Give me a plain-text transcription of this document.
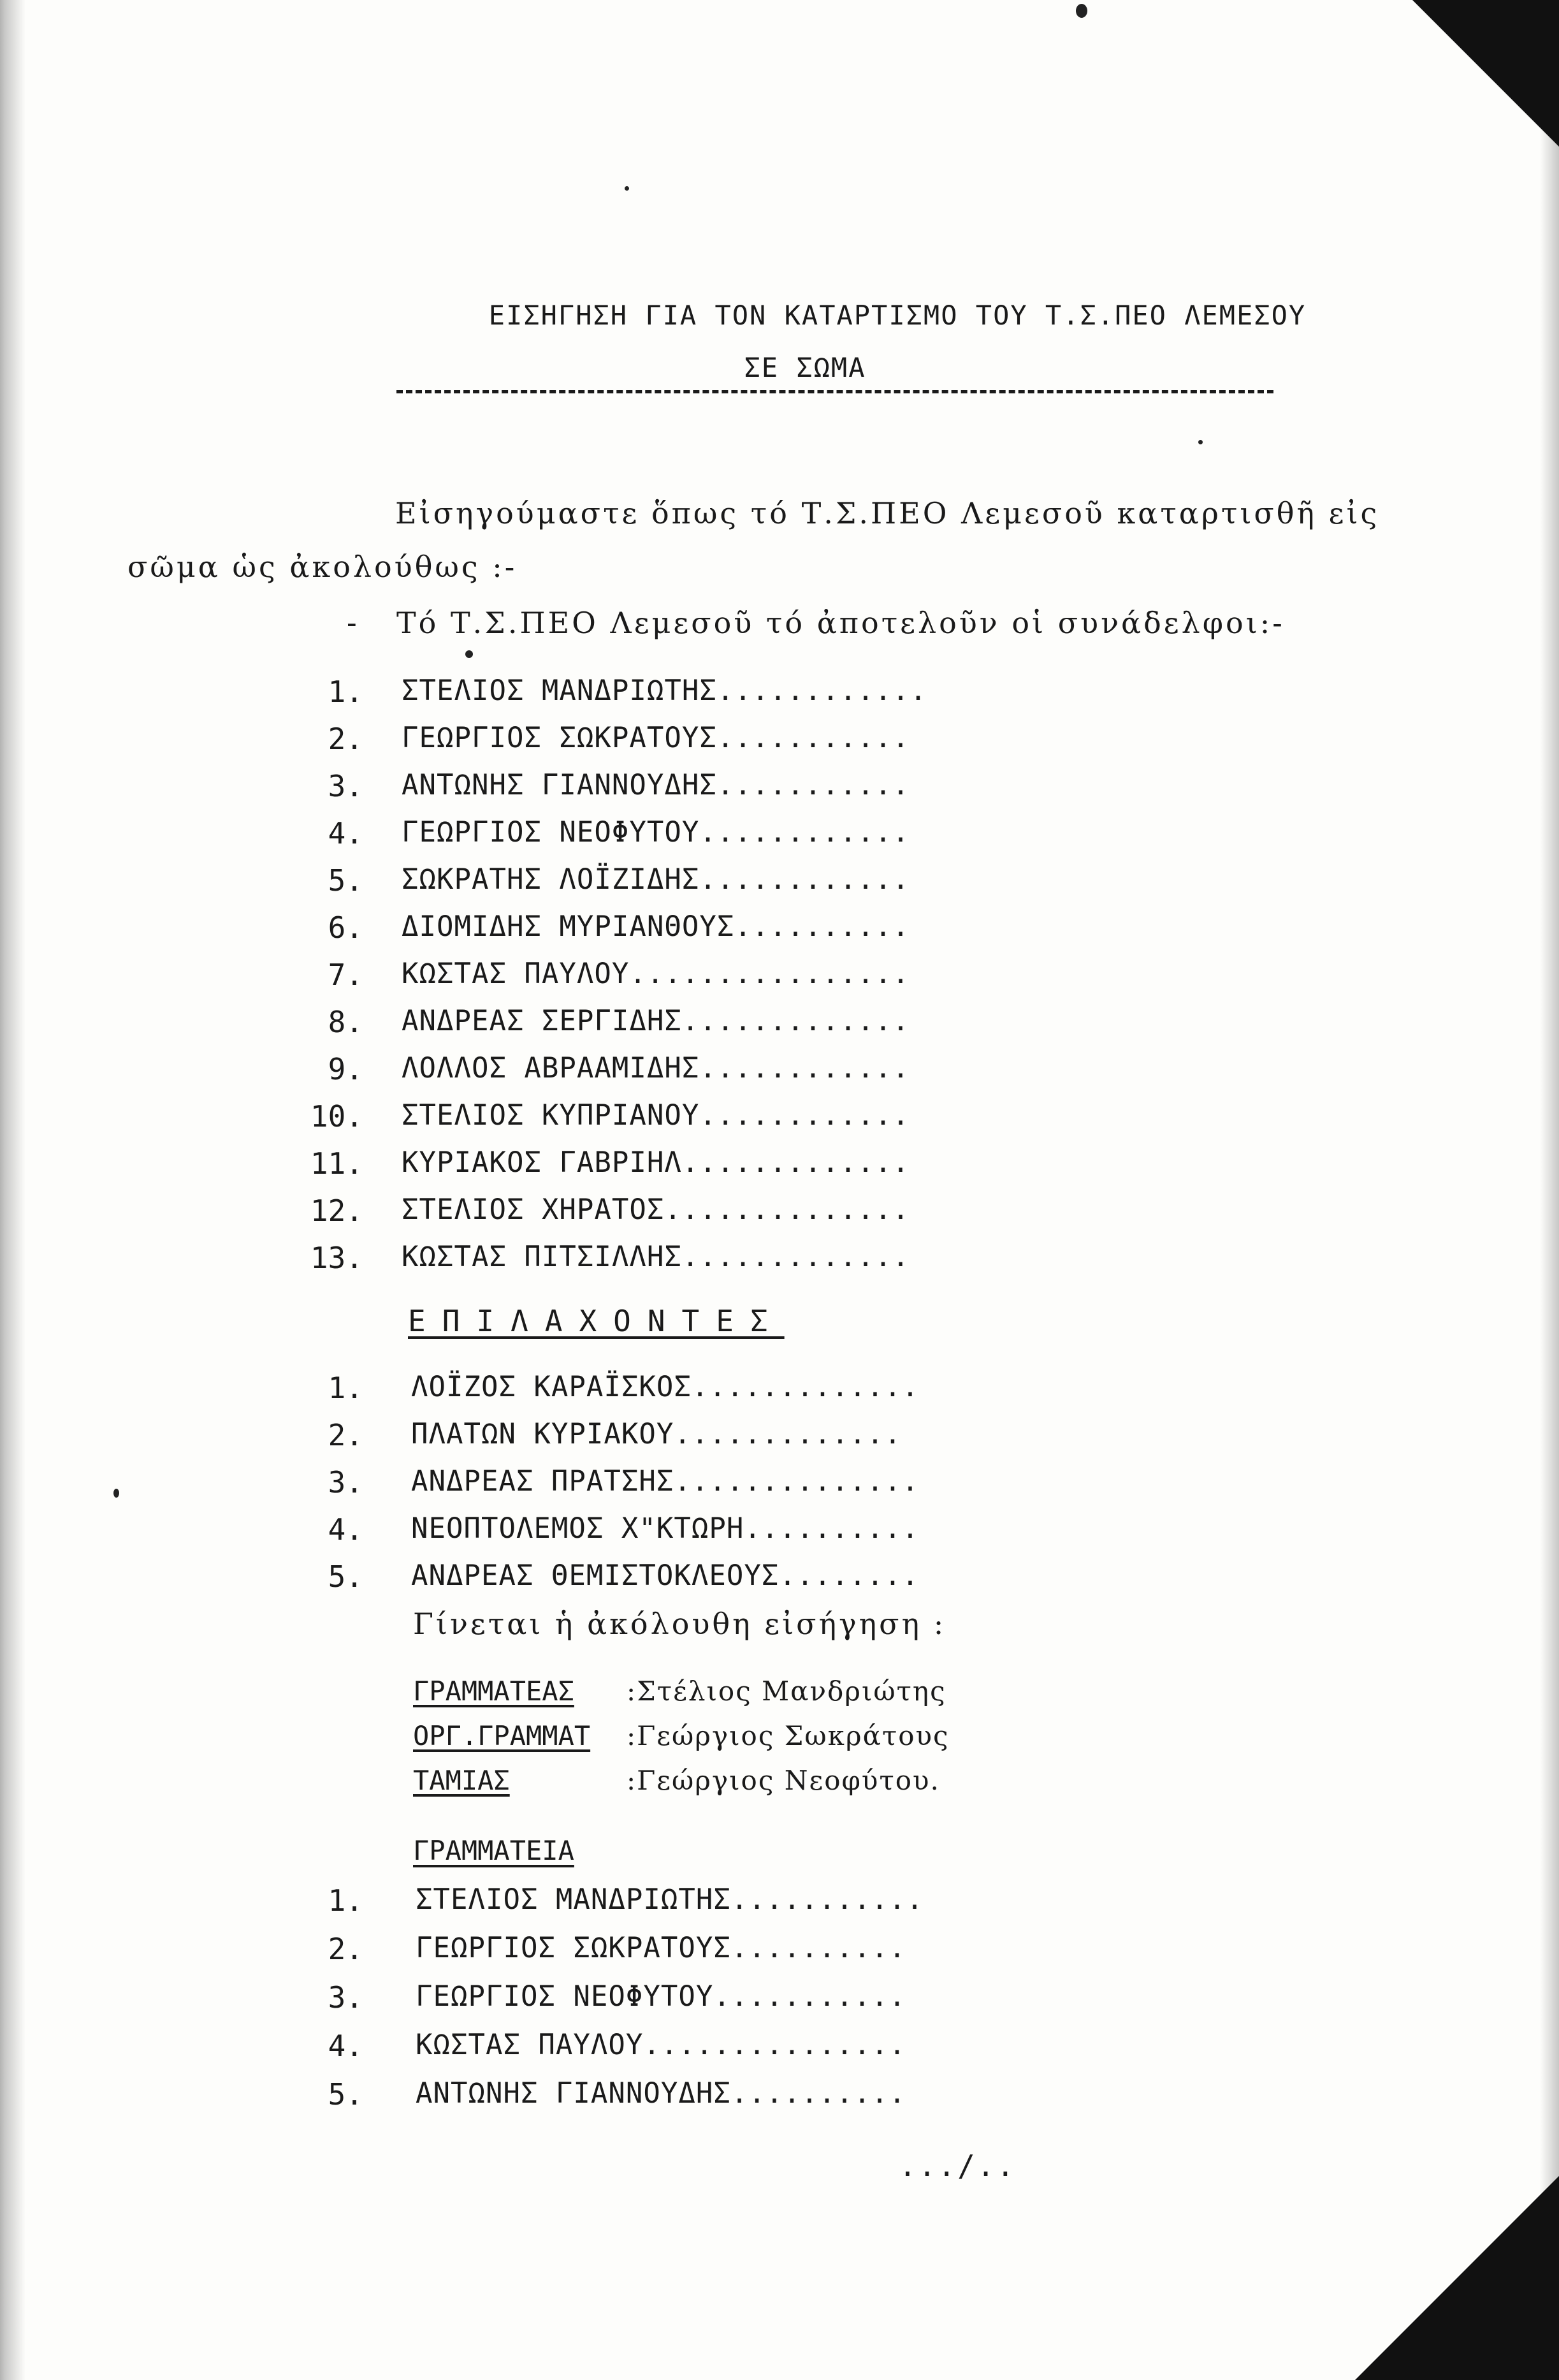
ΕΙΣΗΓΗΣΗ ΓΙΑ ΤΟΝ ΚΑΤΑΡΤΙΣΜΟ ΤΟΥ Τ.Σ.ΠΕΟ ΛΕΜΕΣΟΥ
ΣΕ ΣΩΜΑ
Εἰσηγούμαστε ὅπως τό Τ.Σ.ΠΕΟ Λεμεσοῦ καταρτισθῆ εἰς
σῶμα ὡς ἀκολούθως :-
- Τό Τ.Σ.ΠΕΟ Λεμεσοῦ τό ἀποτελοῦν οἱ συνάδελφοι:-
1. ΣΤΕΛΙΟΣ ΜΑΝΔΡΙΩΤΗΣ............
2. ΓΕΩΡΓΙΟΣ ΣΩΚΡΑΤΟΥΣ...........
3. ΑΝΤΩΝΗΣ ΓΙΑΝΝΟΥΔΗΣ...........
4. ΓΕΩΡΓΙΟΣ ΝΕΟΦΥΤΟΥ............
5. ΣΩΚΡΑΤΗΣ ΛΟΪΖΙΔΗΣ............
6. ΔΙΟΜΙΔΗΣ ΜΥΡΙΑΝΘΟΥΣ..........
7. ΚΩΣΤΑΣ ΠΑΥΛΟΥ................
8. ΑΝΔΡΕΑΣ ΣΕΡΓΙΔΗΣ.............
9. ΛΟΛΛΟΣ ΑΒΡΑΑΜΙΔΗΣ............
10. ΣΤΕΛΙΟΣ ΚΥΠΡΙΑΝΟΥ............
11. ΚΥΡΙΑΚΟΣ ΓΑΒΡΙΗΛ.............
12. ΣΤΕΛΙΟΣ ΧΗΡΑΤΟΣ..............
13. ΚΩΣΤΑΣ ΠΙΤΣΙΛΛΗΣ.............
ΕΠΙΛΑΧΟΝΤΕΣ
1. ΛΟΪΖΟΣ ΚΑΡΑΪΣΚΟΣ.............
2. ΠΛΑΤΩΝ ΚΥΡΙΑΚΟΥ.............
3. ΑΝΔΡΕΑΣ ΠΡΑΤΣΗΣ..............
4. ΝΕΟΠΤΟΛΕΜΟΣ Χ"ΚΤΩΡΗ..........
5. ΑΝΔΡΕΑΣ ΘΕΜΙΣΤΟΚΛΕΟΥΣ........
Γίνεται ἡ ἀκόλουθη εἰσήγηση :
ΓΡΑΜΜΑΤΕΑΣ :Στέλιος Μανδριώτης
ΟΡΓ.ΓΡΑΜΜΑΤ :Γεώργιος Σωκράτους
ΤΑΜΙΑΣ	:Γεώργιος Νεοφύτου.
ΓΡΑΜΜΑΤΕΙΑ
1. ΣΤΕΛΙΟΣ ΜΑΝΔΡΙΩΤΗΣ...........
2. ΓΕΩΡΓΙΟΣ ΣΩΚΡΑΤΟΥΣ..........
3. ΓΕΩΡΓΙΟΣ ΝΕΟΦΥΤΟΥ...........
4. ΚΩΣΤΑΣ ΠΑΥΛΟΥ...............
5. ΑΝΤΩΝΗΣ ΓΙΑΝΝΟΥΔΗΣ..........
.../..
